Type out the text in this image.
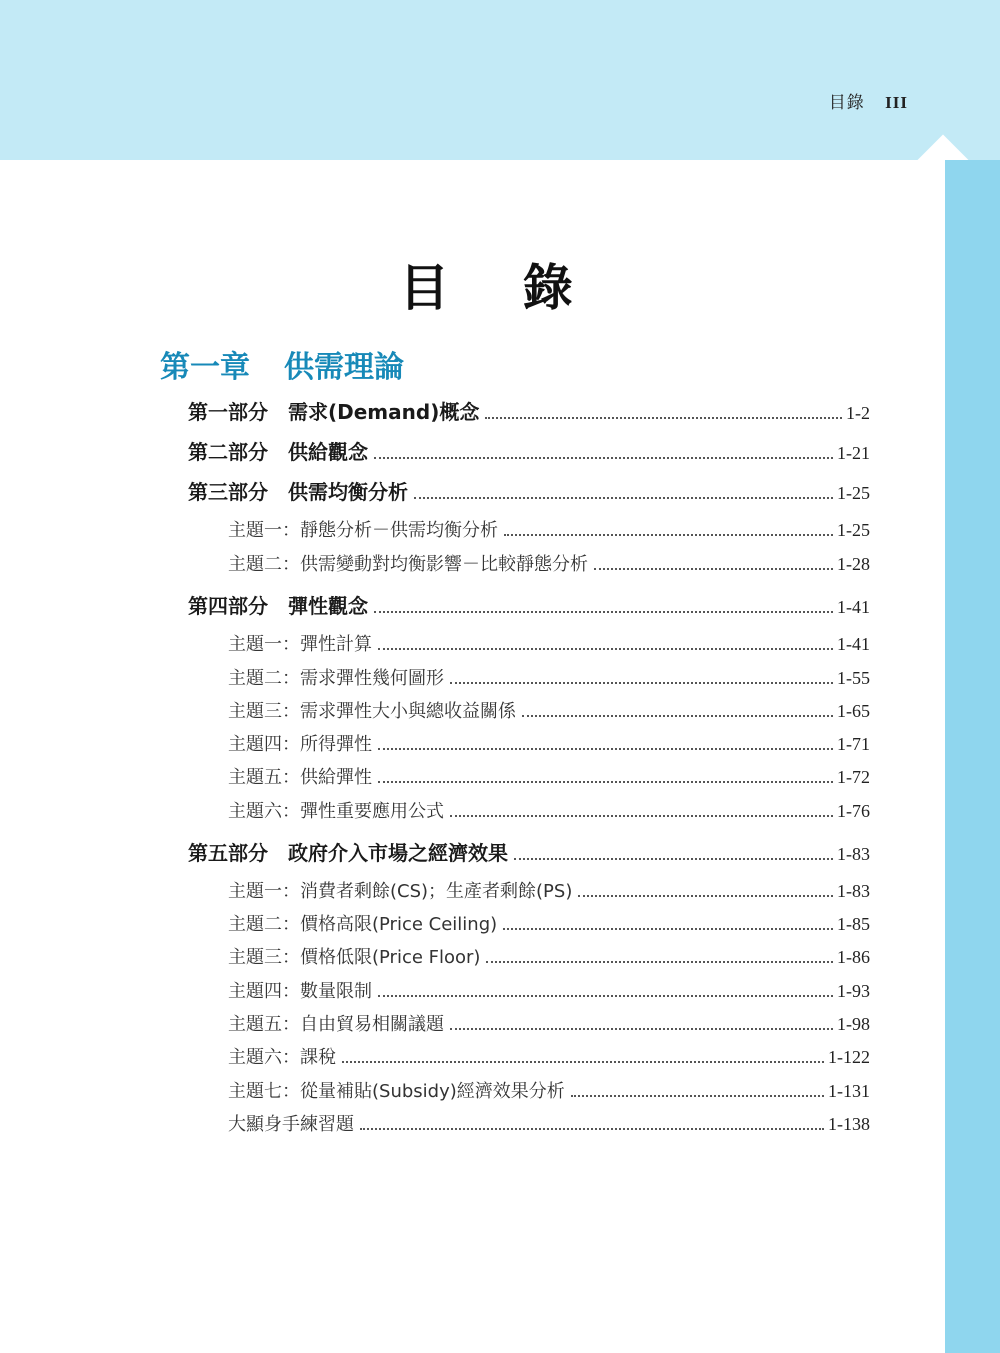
目錄 III
目 錄
第一章 供需理論
第一部分　需求(Demand)概念	1-2
第二部分　供給觀念	1-21
第三部分　供需均衡分析	1-25
主題一：靜態分析－供需均衡分析	1-25
主題二：供需變動對均衡影響－比較靜態分析	1-28
第四部分　彈性觀念	1-41
主題一：彈性計算	1-41
主題二：需求彈性幾何圖形	1-55
主題三：需求彈性大小與總收益關係	1-65
主題四：所得彈性	1-71
主題五：供給彈性	1-72
主題六：彈性重要應用公式	1-76
第五部分　政府介入市場之經濟效果	1-83
主題一：消費者剩餘(CS)；生產者剩餘(PS)	1-83
主題二：價格高限(Price Ceiling)	1-85
主題三：價格低限(Price Floor)	1-86
主題四：數量限制	1-93
主題五：自由貿易相關議題	1-98
主題六：課稅	1-122
主題七：從量補貼(Subsidy)經濟效果分析	1-131
大顯身手練習題	1-138
